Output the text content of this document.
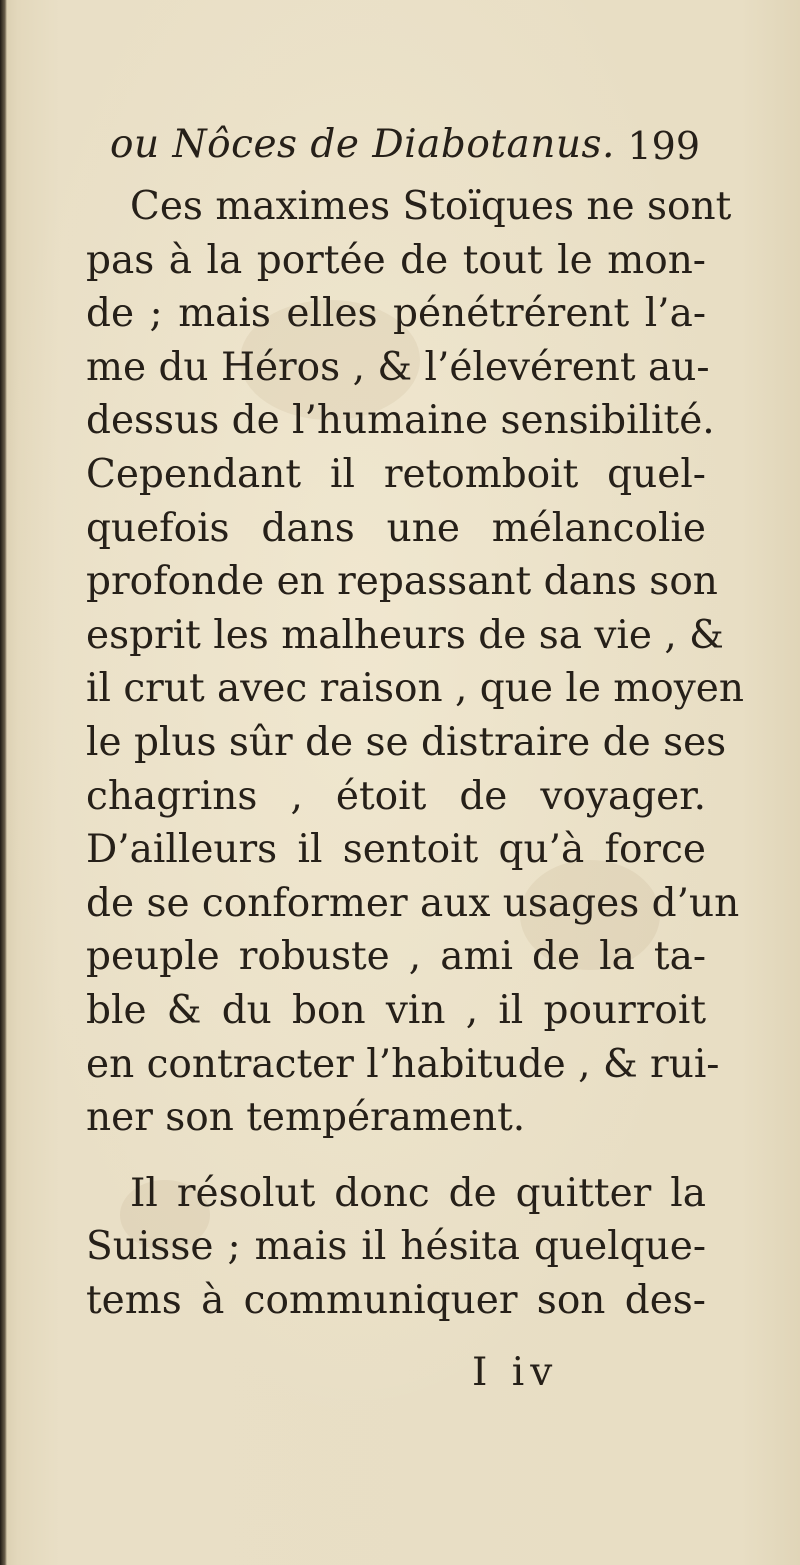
ou Nôces de Diabotanus. 199
Ces maximes Stoïques ne sont
pas à la portée de tout le mon-
de ; mais elles pénétrérent l’a-
me du Héros , & l’élevérent au-
dessus de l’humaine sensibilité.
Cependant il retomboit quel-
quefois dans une mélancolie
profonde en repassant dans son
esprit les malheurs de sa vie , &
il crut avec raison , que le moyen
le plus sûr de se distraire de ses
chagrins , étoit de voyager.
D’ailleurs il sentoit qu’à force
de se conformer aux usages d’un
peuple robuste , ami de la ta-
ble & du bon vin , il pourroit
en contracter l’habitude , & rui-
ner son tempérament.
Il résolut donc de quitter la
Suisse ; mais il hésita quelque-
tems à communiquer son des-
I iv
